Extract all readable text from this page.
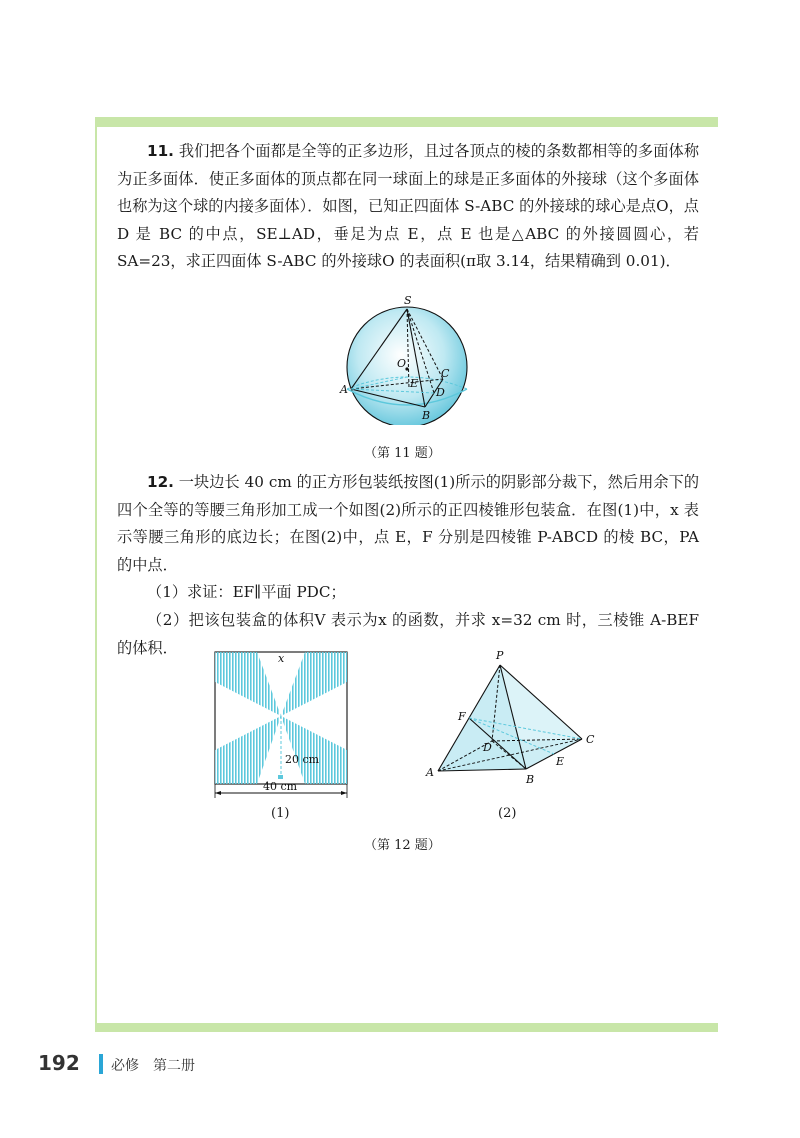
11. 我们把各个面都是全等的正多边形，且过各顶点的棱的条数都相等的多面体称为正多面体．使正多面体的顶点都在同一球面上的球是正多面体的外接球（这个多面体也称为这个球的内接多面体）．如图，已知正四面体 S-ABC 的外接球的球心是点O，点 D 是 BC 的中点，SE⊥AD，垂足为点 E，点 E 也是△ABC 的外接圆圆心，若 SA=23，求正四面体 S-ABC 的外接球O 的表面积(π取 3.14，结果精确到 0.01)．

S
O
C
E
D
A
B
（第 11 题）

12. 一块边长 40 cm 的正方形包装纸按图(1)所示的阴影部分裁下，然后用余下的四个全等的等腰三角形加工成一个如图(2)所示的正四棱锥形包装盒．在图(1)中，x 表示等腰三角形的底边长；在图(2)中，点 E，F 分别是四棱锥 P-ABCD 的棱 BC，PA 的中点．

（1）求证：EF∥平面 PDC；

（2）把该包装盒的体积V 表示为x 的函数，并求 x=32 cm 时，三棱锥 A-BEF 的体积．

x
20 cm
40 cm
(1)
P
F
D
C
E
A
B
(2)
（第 12 题）
192 必修　第二册
